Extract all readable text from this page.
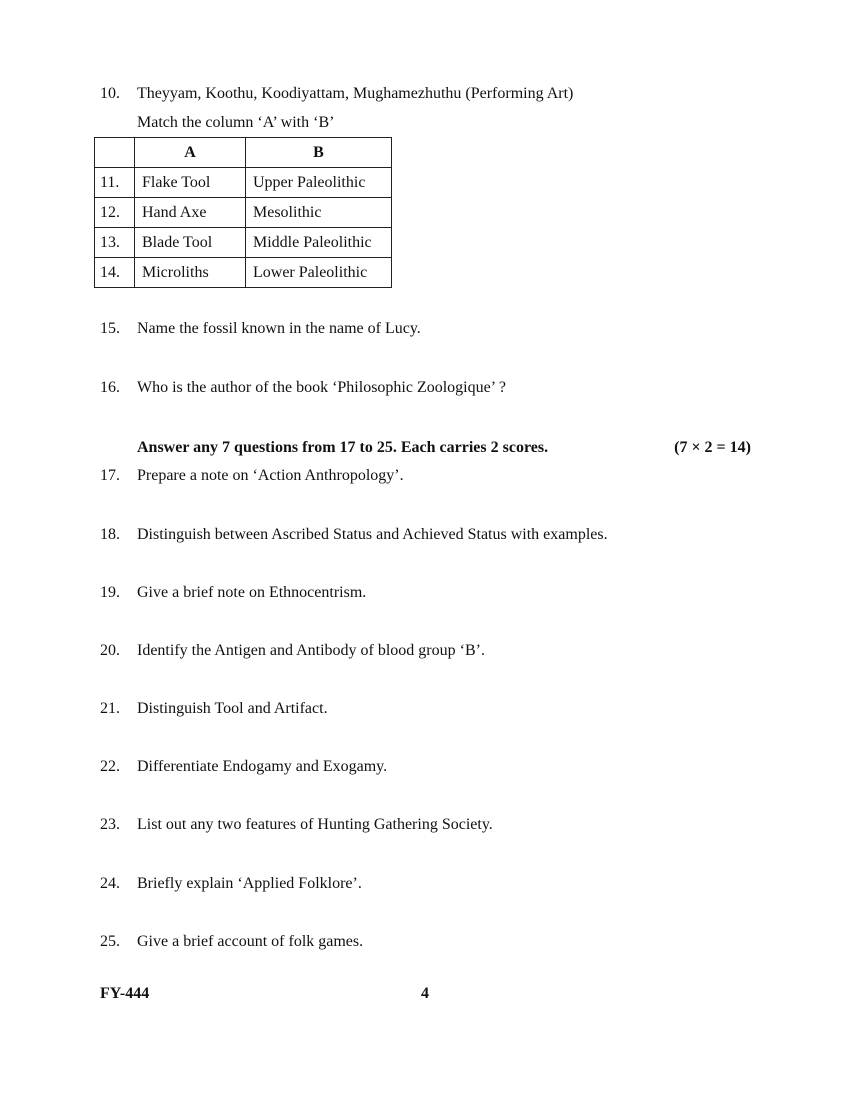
10. Theyyam, Koothu, Koodiyattam, Mughamezhuthu (Performing Art)
Match the column ‘A’ with ‘B’
	A	B
11.	Flake Tool	Upper Paleolithic
12.	Hand Axe	Mesolithic
13.	Blade Tool	Middle Paleolithic
14.	Microliths	Lower Paleolithic
15. Name the fossil known in the name of Lucy.
16. Who is the author of the book ‘Philosophic Zoologique’ ?
Answer any 7 questions from 17 to 25. Each carries 2 scores.	(7 × 2 = 14)
17. Prepare a note on ‘Action Anthropology’.
18. Distinguish between Ascribed Status and Achieved Status with examples.
19. Give a brief note on Ethnocentrism.
20. Identify the Antigen and Antibody of blood group ‘B’.
21. Distinguish Tool and Artifact.
22. Differentiate Endogamy and Exogamy.
23. List out any two features of Hunting Gathering Society.
24. Briefly explain ‘Applied Folklore’.
25. Give a brief account of folk games.
FY-444	4
